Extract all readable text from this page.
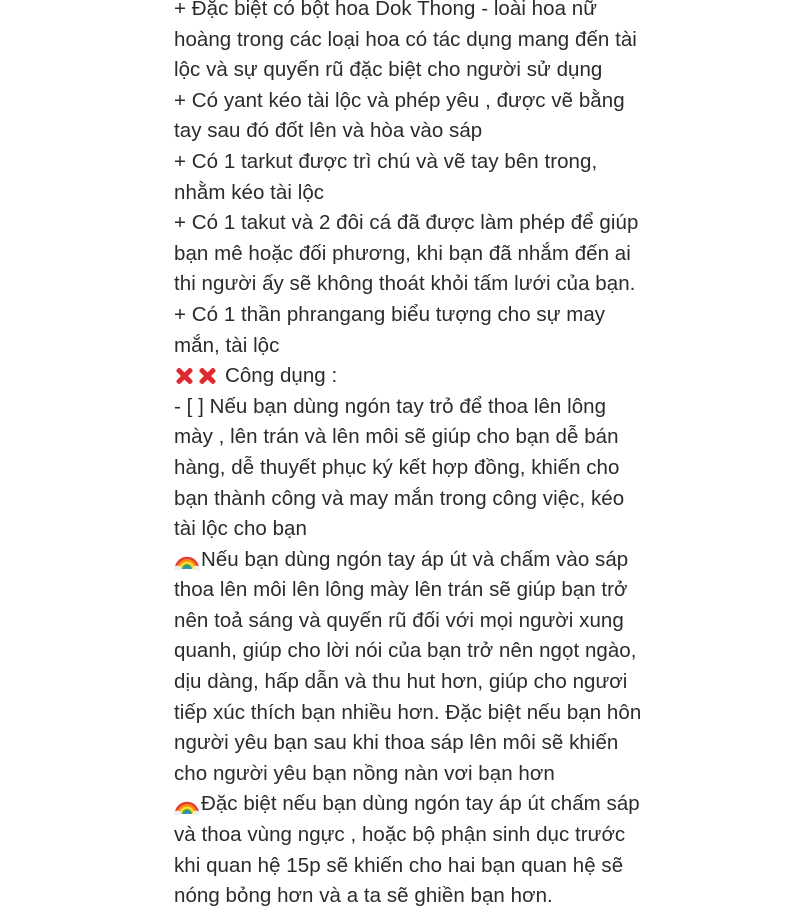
+ Đặc biệt có bột hoa Dok Thong - loài hoa nữ
hoàng trong các loại hoa có tác dụng mang đến tài
lộc và sự quyến rũ đặc biệt cho người sử dụng
+ Có yant kéo tài lộc và phép yêu , được vẽ bằng
tay sau đó đốt lên và hòa vào sáp
+ Có 1 tarkut được trì chú và vẽ tay bên trong,
nhằm kéo tài lộc
+ Có 1 takut và 2 đôi cá đã được làm phép để giúp
bạn mê hoặc đối phương, khi bạn đã nhắm đến ai
thi người ấy sẽ không thoát khỏi tấm lưới của bạn.
+ Có 1 thần phrangang biểu tượng cho sự may
mắn, tài lộc
Công dụng :
- [ ] Nếu bạn dùng ngón tay trỏ để thoa lên lông
mày , lên trán và lên môi sẽ giúp cho bạn dễ bán
hàng, dễ thuyết phục ký kết hợp đồng, khiến cho
bạn thành công và may mắn trong công việc, kéo
tài lộc cho bạn
Nếu bạn dùng ngón tay áp út và chấm vào sáp
thoa lên môi lên lông mày lên trán sẽ giúp bạn trở
nên toả sáng và quyến rũ đối với mọi người xung
quanh, giúp cho lời nói của bạn trở nên ngọt ngào,
dịu dàng, hấp dẫn và thu hut hơn, giúp cho ngươi
tiếp xúc thích bạn nhiều hơn. Đặc biệt nếu bạn hôn
người yêu bạn sau khi thoa sáp lên môi sẽ khiến
cho người yêu bạn nồng nàn vơi bạn hơn
Đặc biệt nếu bạn dùng ngón tay áp út chấm sáp
và thoa vùng ngực , hoặc bộ phận sinh dục trước
khi quan hệ 15p sẽ khiến cho hai bạn quan hệ sẽ
nóng bỏng hơn và a ta sẽ ghiền bạn hơn.
